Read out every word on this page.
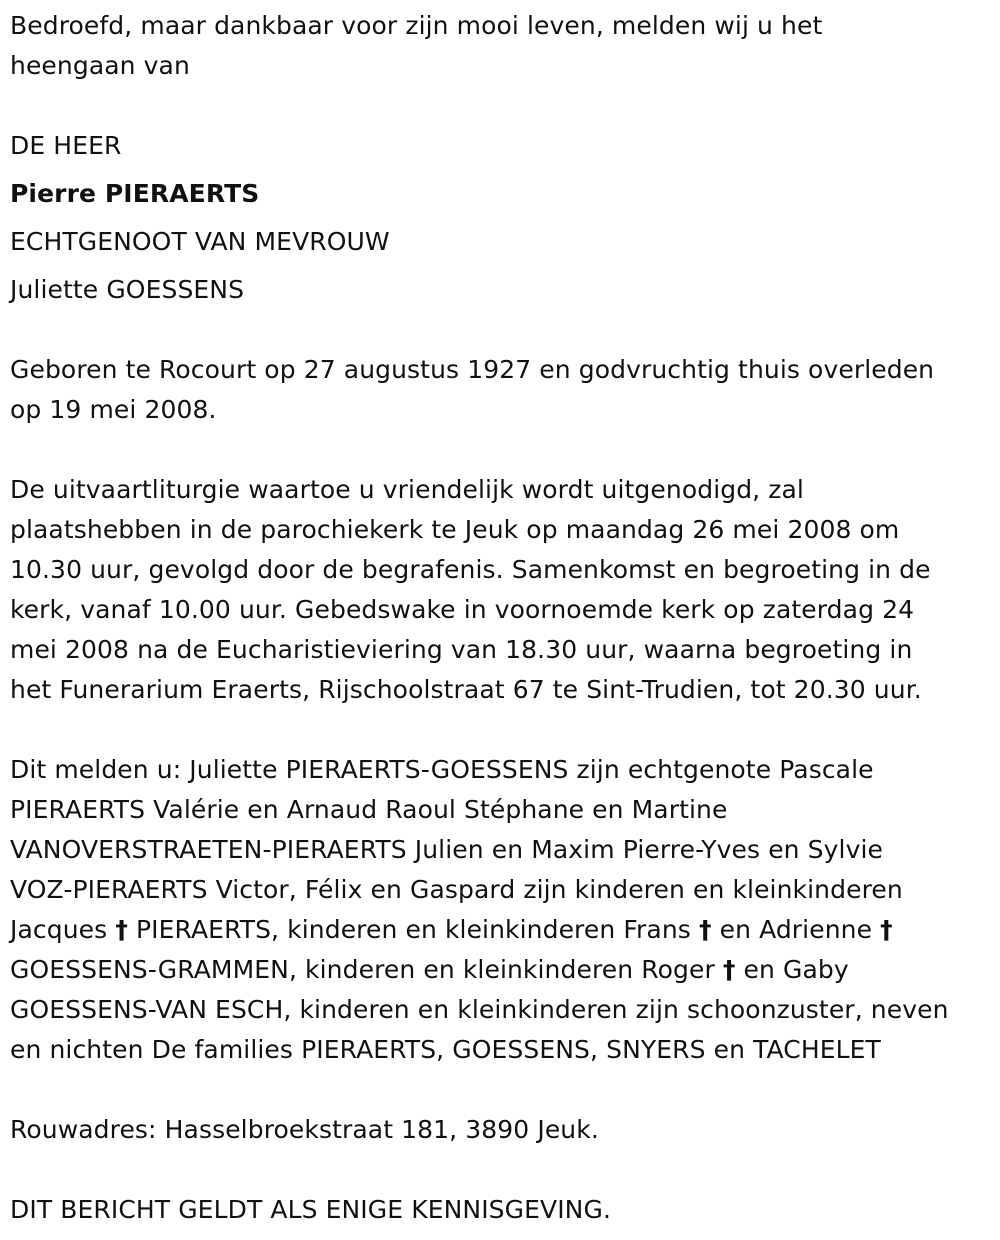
Bedroefd, maar dankbaar voor zijn mooi leven, melden wij u het
heengaan van
DE HEER
Pierre PIERAERTS
ECHTGENOOT VAN MEVROUW
Juliette GOESSENS
Geboren te Rocourt op 27 augustus 1927 en godvruchtig thuis overleden
op 19 mei 2008.
De uitvaartliturgie waartoe u vriendelijk wordt uitgenodigd, zal
plaatshebben in de parochiekerk te Jeuk op maandag 26 mei 2008 om
10.30 uur, gevolgd door de begrafenis. Samenkomst en begroeting in de
kerk, vanaf 10.00 uur. Gebedswake in voornoemde kerk op zaterdag 24
mei 2008 na de Eucharistieviering van 18.30 uur, waarna begroeting in
het Funerarium Eraerts, Rijschoolstraat 67 te Sint-Trudien, tot 20.30 uur.
Dit melden u: Juliette PIERAERTS-GOESSENS zijn echtgenote Pascale
PIERAERTS Valérie en Arnaud Raoul Stéphane en Martine
VANOVERSTRAETEN-PIERAERTS Julien en Maxim Pierre-Yves en Sylvie
VOZ-PIERAERTS Victor, Félix en Gaspard zijn kinderen en kleinkinderen
Jacques † PIERAERTS, kinderen en kleinkinderen Frans † en Adrienne †
GOESSENS-GRAMMEN, kinderen en kleinkinderen Roger † en Gaby
GOESSENS-VAN ESCH, kinderen en kleinkinderen zijn schoonzuster, neven
en nichten De families PIERAERTS, GOESSENS, SNYERS en TACHELET
Rouwadres: Hasselbroekstraat 181, 3890 Jeuk.
DIT BERICHT GELDT ALS ENIGE KENNISGEVING.
